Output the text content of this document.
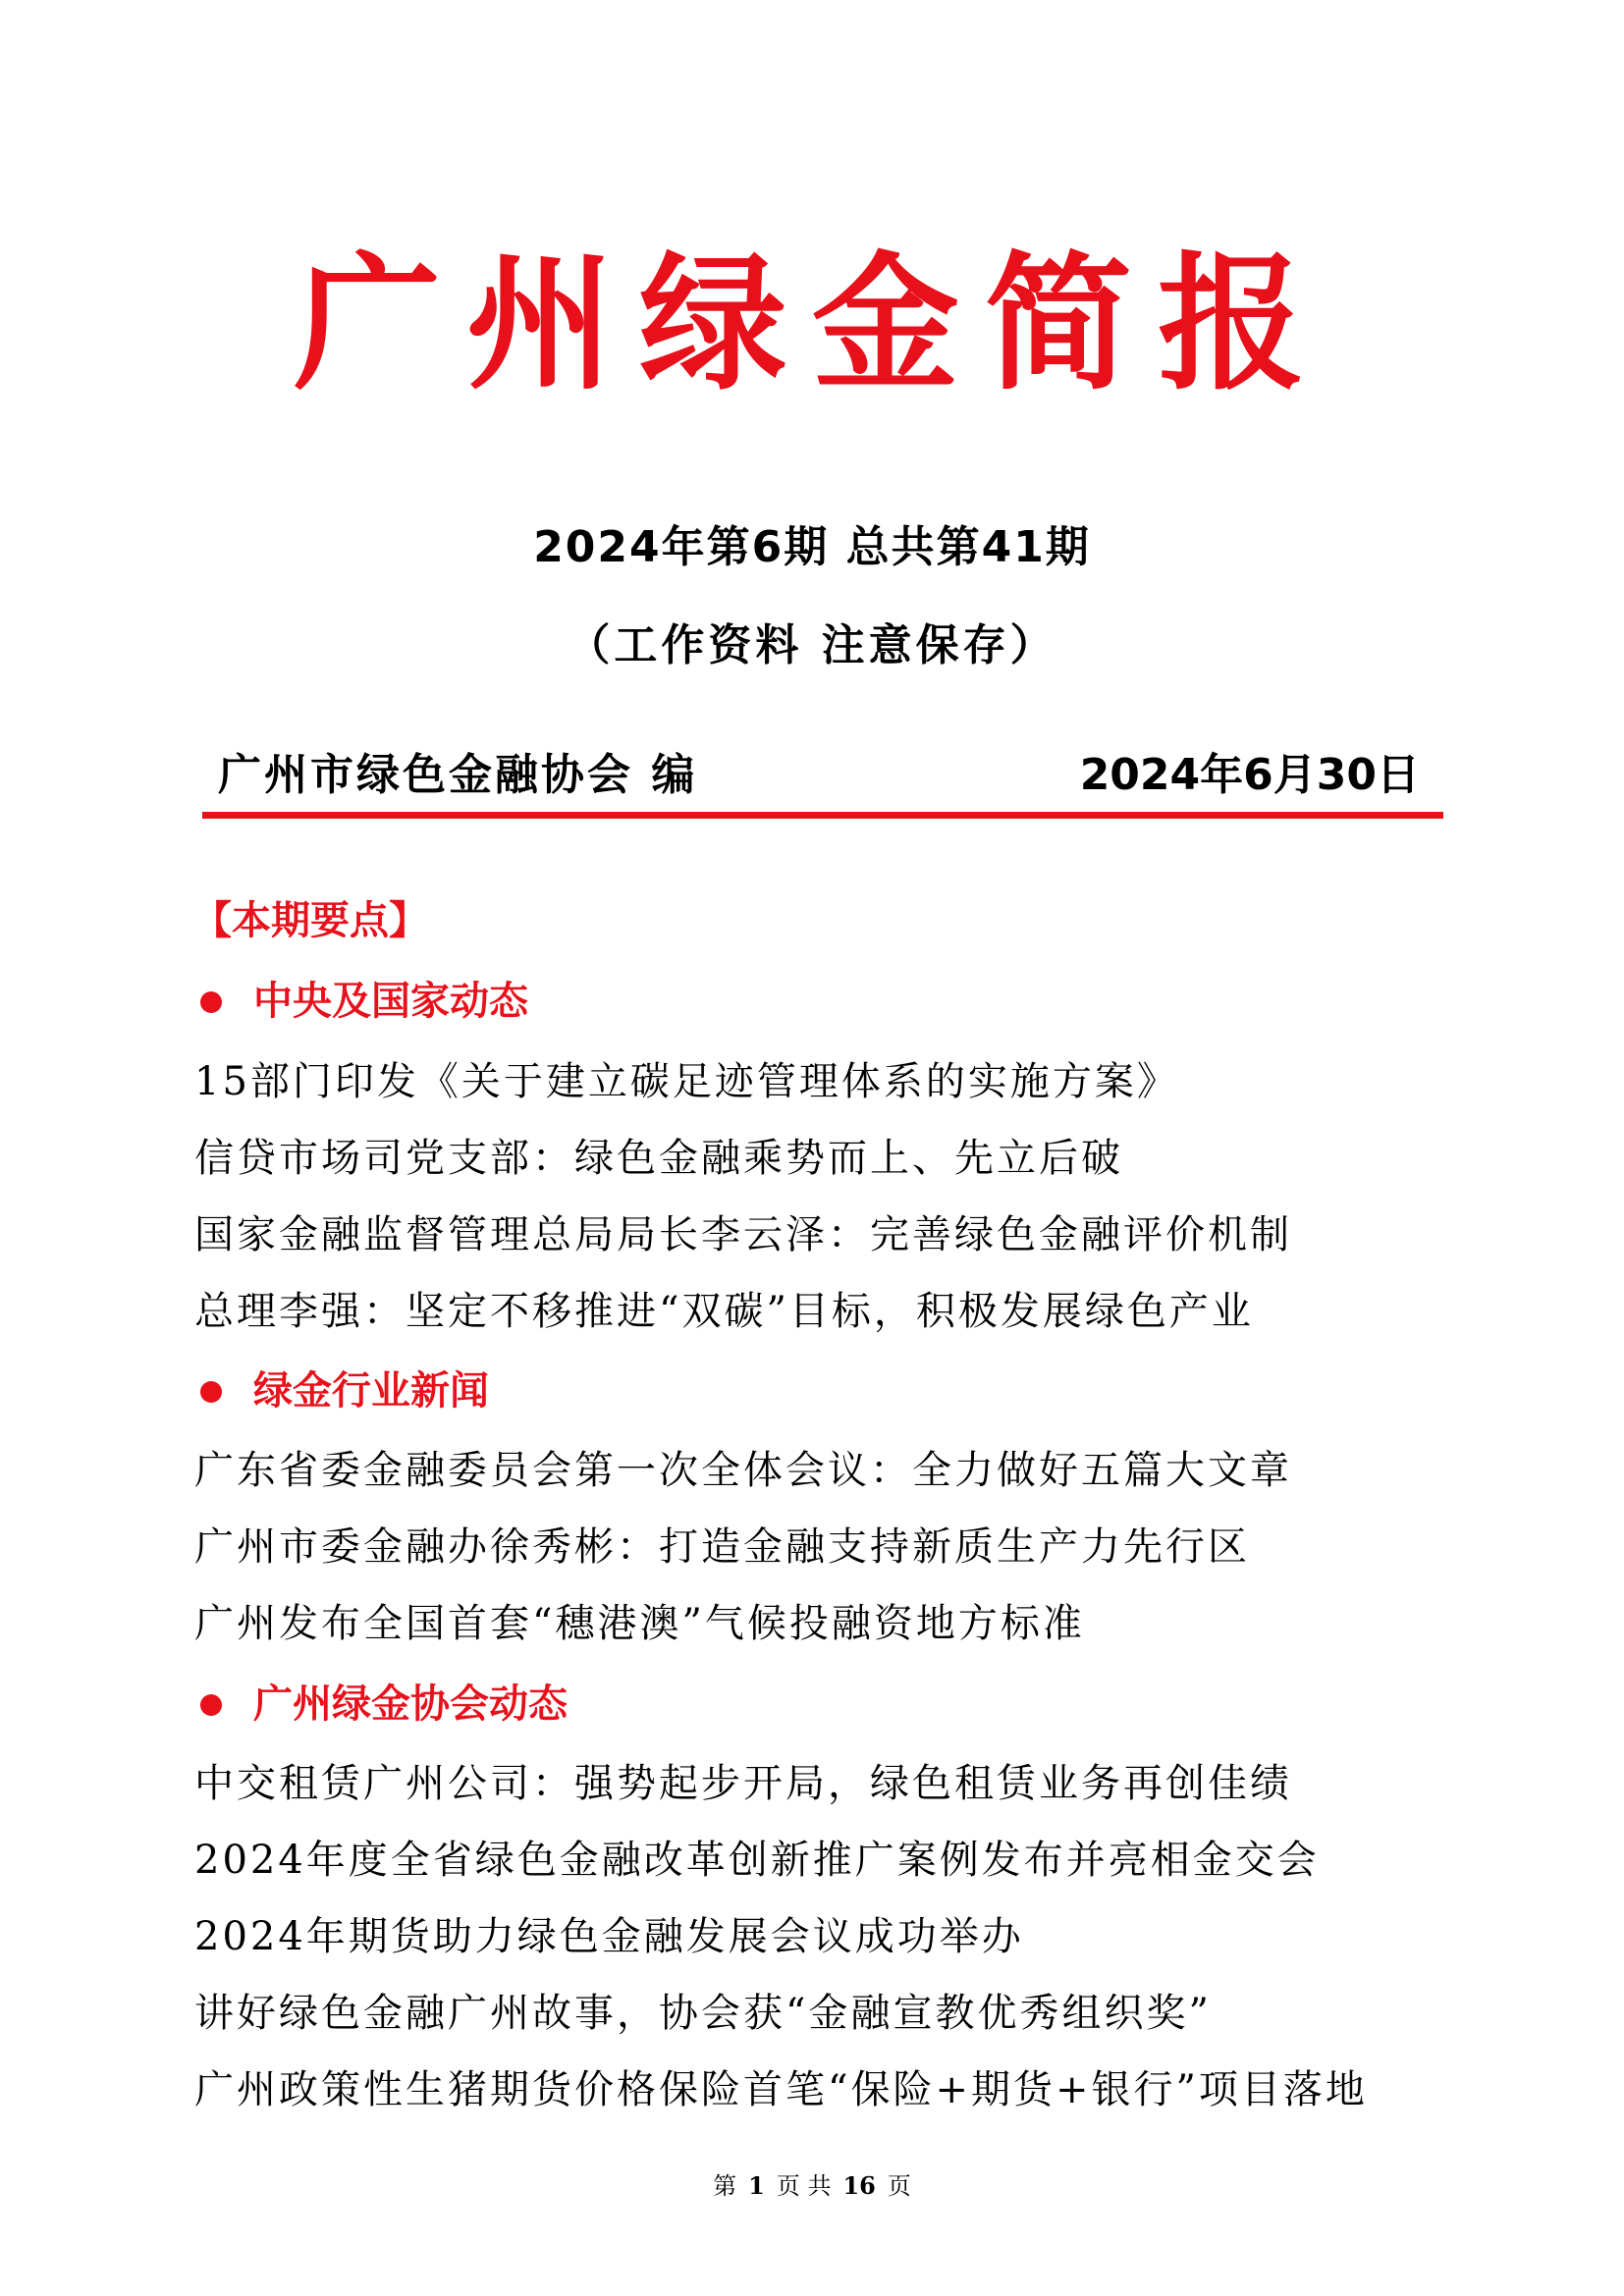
广州绿金简报
2024年第6期 总共第41期
（工作资料 注意保存）
广州市绿色金融协会 编	2024年6月30日
【本期要点】
中央及国家动态
15部门印发《关于建立碳足迹管理体系的实施方案》
信贷市场司党支部：绿色金融乘势而上、先立后破
国家金融监督管理总局局长李云泽：完善绿色金融评价机制
总理李强：坚定不移推进“双碳”目标，积极发展绿色产业
绿金行业新闻
广东省委金融委员会第一次全体会议：全力做好五篇大文章
广州市委金融办徐秀彬：打造金融支持新质生产力先行区
广州发布全国首套“穗港澳”气候投融资地方标准
广州绿金协会动态
中交租赁广州公司：强势起步开局，绿色租赁业务再创佳绩
2024年度全省绿色金融改革创新推广案例发布并亮相金交会
2024年期货助力绿色金融发展会议成功举办
讲好绿色金融广州故事，协会获“金融宣教优秀组织奖”
广州政策性生猪期货价格保险首笔“保险+期货+银行”项目落地
第 1 页 共 16 页
